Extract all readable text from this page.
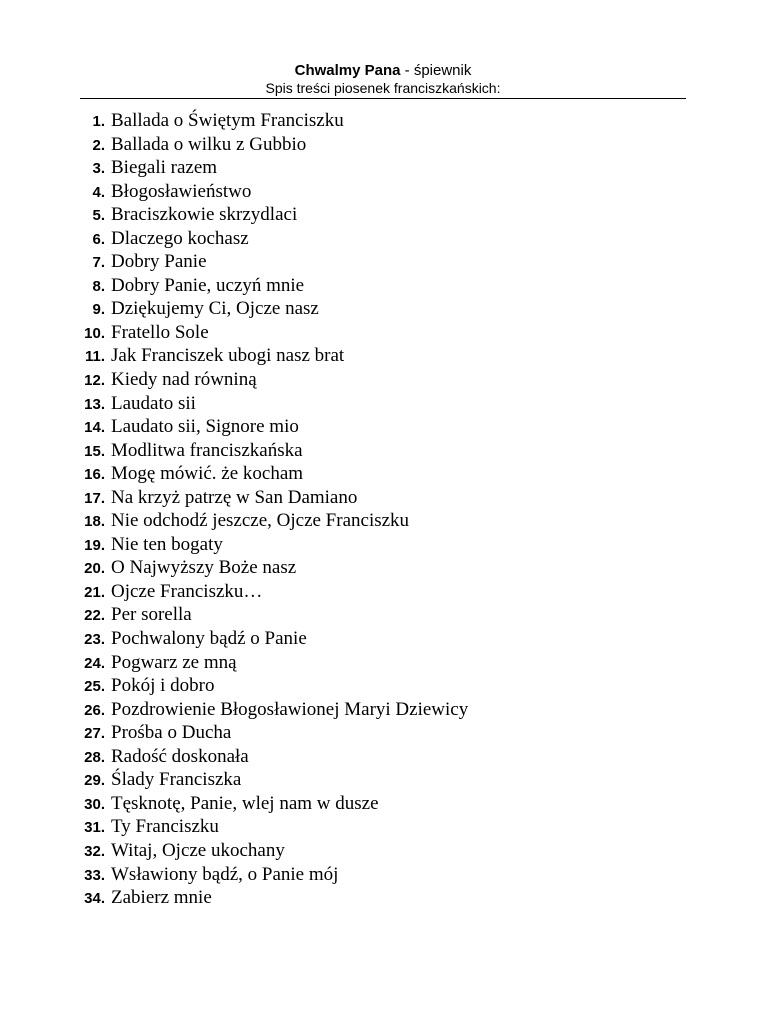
Chwalmy Pana - śpiewnik
Spis treści piosenek franciszkańskich:
1. Ballada o Świętym Franciszku
2. Ballada o wilku z Gubbio
3. Biegali razem
4. Błogosławieństwo
5. Braciszkowie skrzydlaci
6. Dlaczego kochasz
7. Dobry Panie
8. Dobry Panie, uczyń mnie
9. Dziękujemy Ci, Ojcze nasz
10. Fratello Sole
11. Jak Franciszek ubogi nasz brat
12. Kiedy nad równiną
13. Laudato sii
14. Laudato sii, Signore mio
15. Modlitwa franciszkańska
16. Mogę mówić. że kocham
17. Na krzyż patrzę w San Damiano
18. Nie odchodź jeszcze, Ojcze Franciszku
19. Nie ten bogaty
20. O Najwyższy Boże nasz
21. Ojcze Franciszku…
22. Per sorella
23. Pochwalony bądź o Panie
24. Pogwarz ze mną
25. Pokój i dobro
26. Pozdrowienie Błogosławionej Maryi Dziewicy
27. Prośba o Ducha
28. Radość doskonała
29. Ślady Franciszka
30. Tęsknotę, Panie, wlej nam w dusze
31. Ty Franciszku
32. Witaj, Ojcze ukochany
33. Wsławiony bądź, o Panie mój
34. Zabierz mnie
